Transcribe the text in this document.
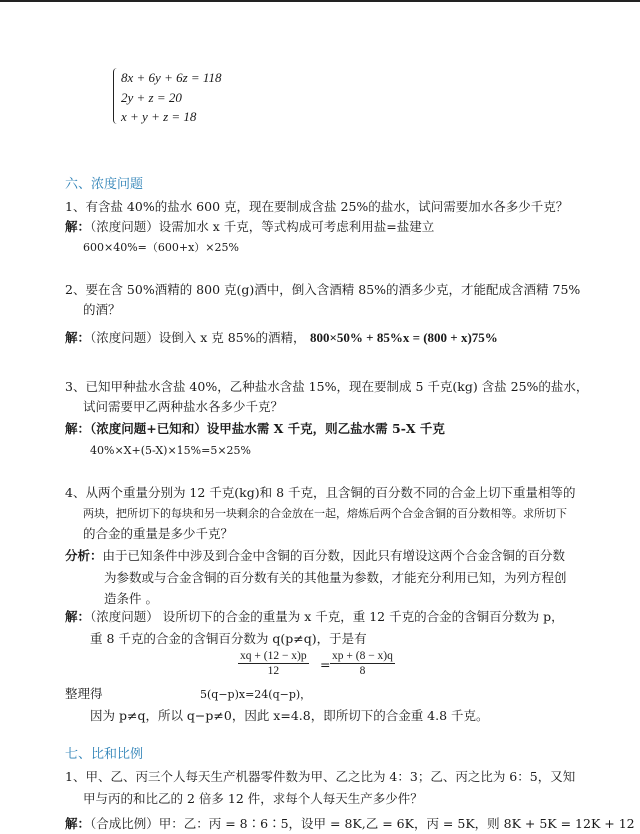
8x + 6y + 6z = 118
2y + z = 20
x + y + z = 18
六、浓度问题
1、有含盐 40%的盐水 600 克，现在要制成含盐 25%的盐水，试问需要加水各多少千克？
解：（浓度问题）设需加水 x 千克，等式构成可考虑利用盐=盐建立
600×40%=（600+x）×25%
2、要在含 50%酒精的 800 克(g)酒中，倒入含酒精 85%的酒多少克，才能配成含酒精 75%
的酒？
解：（浓度问题）设倒入 x 克 85%的酒精， 800×50% + 85%x = (800 + x)75%
3、已知甲种盐水含盐 40%，乙种盐水含盐 15%，现在要制成 5 千克(kg) 含盐 25%的盐水，
试问需要甲乙两种盐水各多少千克？
解：（浓度问题+已知和）设甲盐水需 X 千克，则乙盐水需 5-X 千克
40%×X+(5-X)×15%=5×25%
4、从两个重量分别为 12 千克(kg)和 8 千克，且含铜的百分数不同的合金上切下重量相等的
两块，把所切下的每块和另一块剩余的合金放在一起，熔炼后两个合金含铜的百分数相等。求所切下
的合金的重量是多少千克？
分析：由于已知条件中涉及到合金中含铜的百分数，因此只有增设这两个合金含铜的百分数
为参数或与合金含铜的百分数有关的其他量为参数，才能充分利用已知，为列方程创
造条件 。
解：（浓度问题） 设所切下的合金的重量为 x 千克，重 12 千克的合金的含铜百分数为 p，
重 8 千克的合金的含铜百分数为 q(p≠q)，于是有
$\frac{xq + (12 - x)p}{12} = \frac{xp + (8 - x)q}{8}$
整理得	5(q−p)x=24(q−p)，
因为 p≠q，所以 q−p≠0，因此 x=4.8，即所切下的合金重 4.8 千克。
七、比和比例
1、甲、乙、丙三个人每天生产机器零件数为甲、乙之比为 4：3；乙、丙之比为 6：5，又知
甲与丙的和比乙的 2 倍多 12 件，求每个人每天生产多少件？
解：（合成比例）甲：乙：丙 = 8∶6∶5，设甲 = 8K,乙 = 6K，丙 = 5K，则 8K + 5K = 12K + 12
